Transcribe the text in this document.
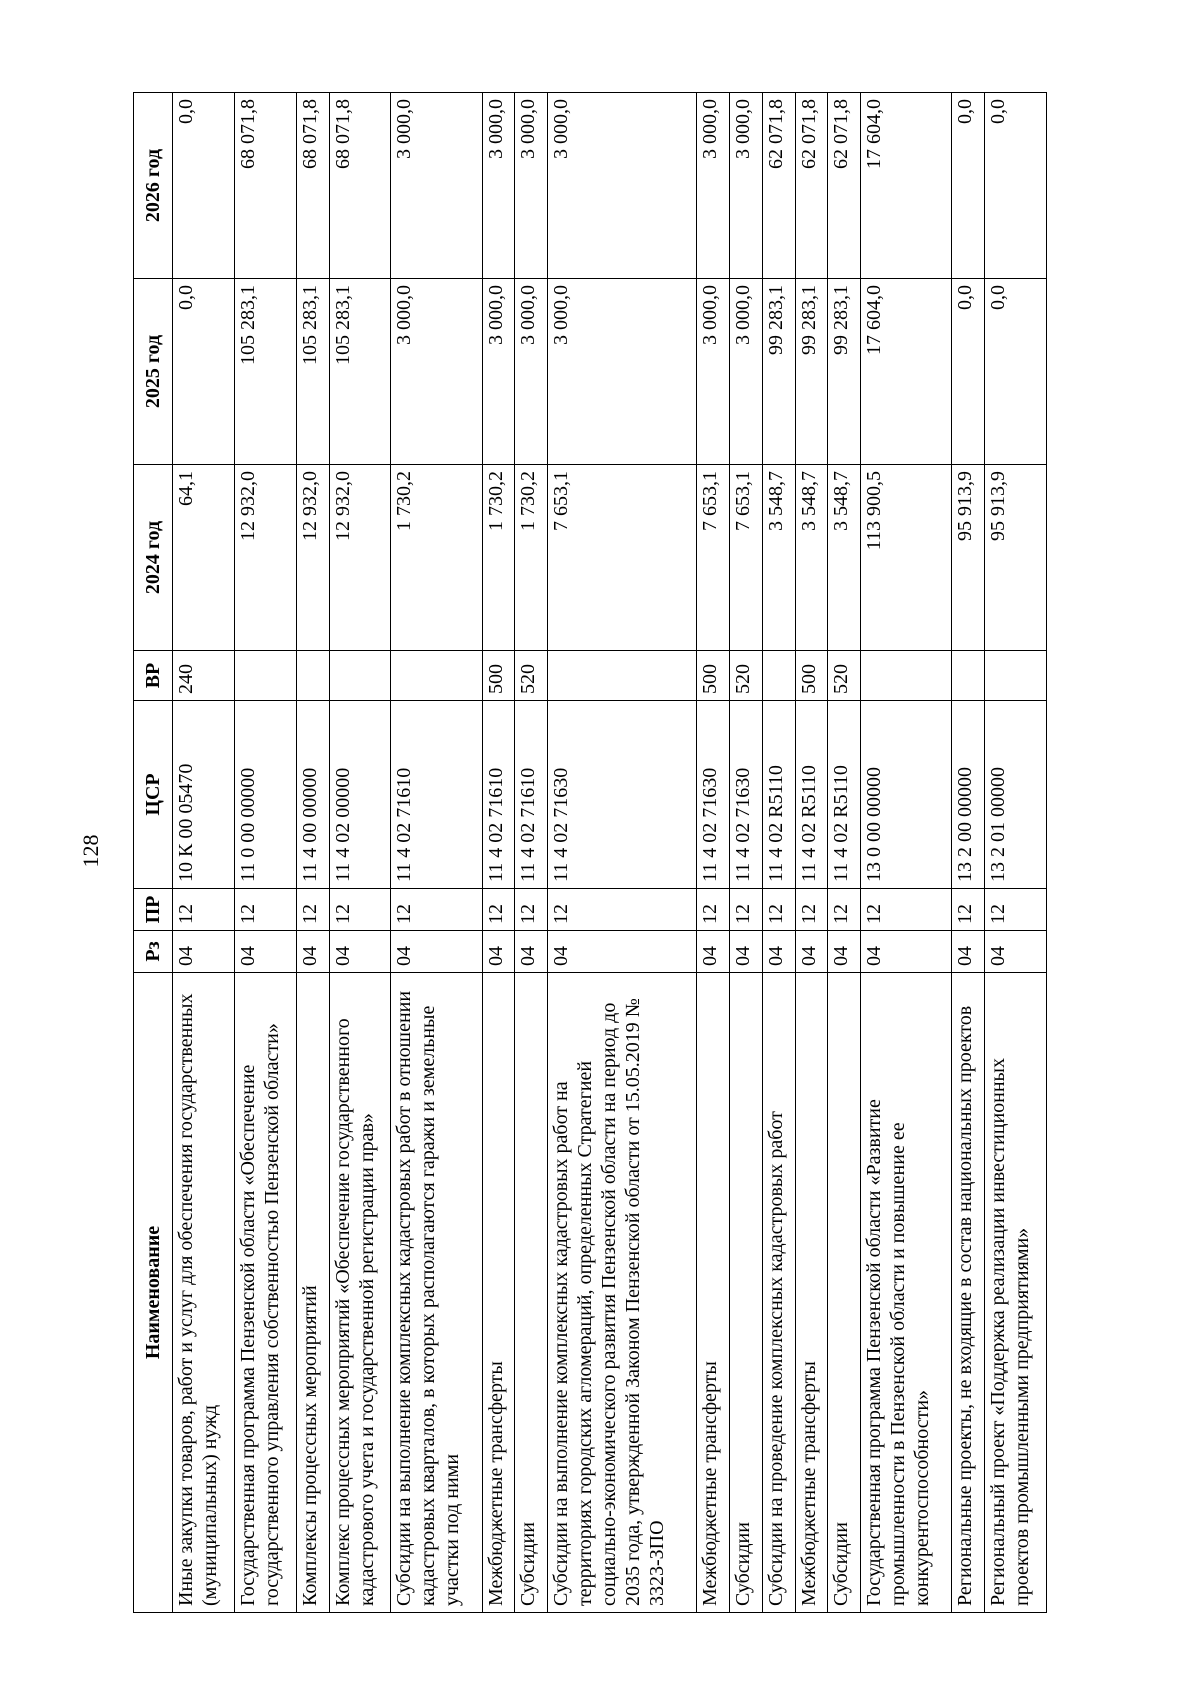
128
Наименование	Рз	ПР	ЦСР	ВР	2024 год	2025 год	2026 год
Иные закупки товаров, работ и услуг для обеспечения государственных (муниципальных) нужд	04	12	10 К 00 05470	240	64,1	0,0	0,0
Государственная программа Пензенской области «Обеспечение государственного управления собственностью Пензенской области»	04	12	11 0 00 00000		12 932,0	105 283,1	68 071,8
Комплексы процессных мероприятий	04	12	11 4 00 00000		12 932,0	105 283,1	68 071,8
Комплекс процессных мероприятий «Обеспечение государственного кадастрового учета и государственной регистрации прав»	04	12	11 4 02 00000		12 932,0	105 283,1	68 071,8
Субсидии на выполнение комплексных кадастровых работ в отношении кадастровых кварталов, в которых располагаются гаражи и земельные участки под ними	04	12	11 4 02 71610		1 730,2	3 000,0	3 000,0
Межбюджетные трансферты	04	12	11 4 02 71610	500	1 730,2	3 000,0	3 000,0
Субсидии	04	12	11 4 02 71610	520	1 730,2	3 000,0	3 000,0
Субсидии на выполнение комплексных кадастровых работ на территориях городских агломераций, определенных Стратегией социально-экономического развития Пензенской области на период до 2035 года, утвержденной Законом Пензенской области от 15.05.2019 № 3323-ЗПО	04	12	11 4 02 71630		7 653,1	3 000,0	3 000,0
Межбюджетные трансферты	04	12	11 4 02 71630	500	7 653,1	3 000,0	3 000,0
Субсидии	04	12	11 4 02 71630	520	7 653,1	3 000,0	3 000,0
Субсидии на проведение комплексных кадастровых работ	04	12	11 4 02 R5110		3 548,7	99 283,1	62 071,8
Межбюджетные трансферты	04	12	11 4 02 R5110	500	3 548,7	99 283,1	62 071,8
Субсидии	04	12	11 4 02 R5110	520	3 548,7	99 283,1	62 071,8
Государственная программа Пензенской области «Развитие промышленности в Пензенской области и повышение ее конкурентоспособности»	04	12	13 0 00 00000		113 900,5	17 604,0	17 604,0
Региональные проекты, не входящие в состав национальных проектов	04	12	13 2 00 00000		95 913,9	0,0	0,0
Региональный проект «Поддержка реализации инвестиционных проектов промышленными предприятиями»	04	12	13 2 01 00000		95 913,9	0,0	0,0
